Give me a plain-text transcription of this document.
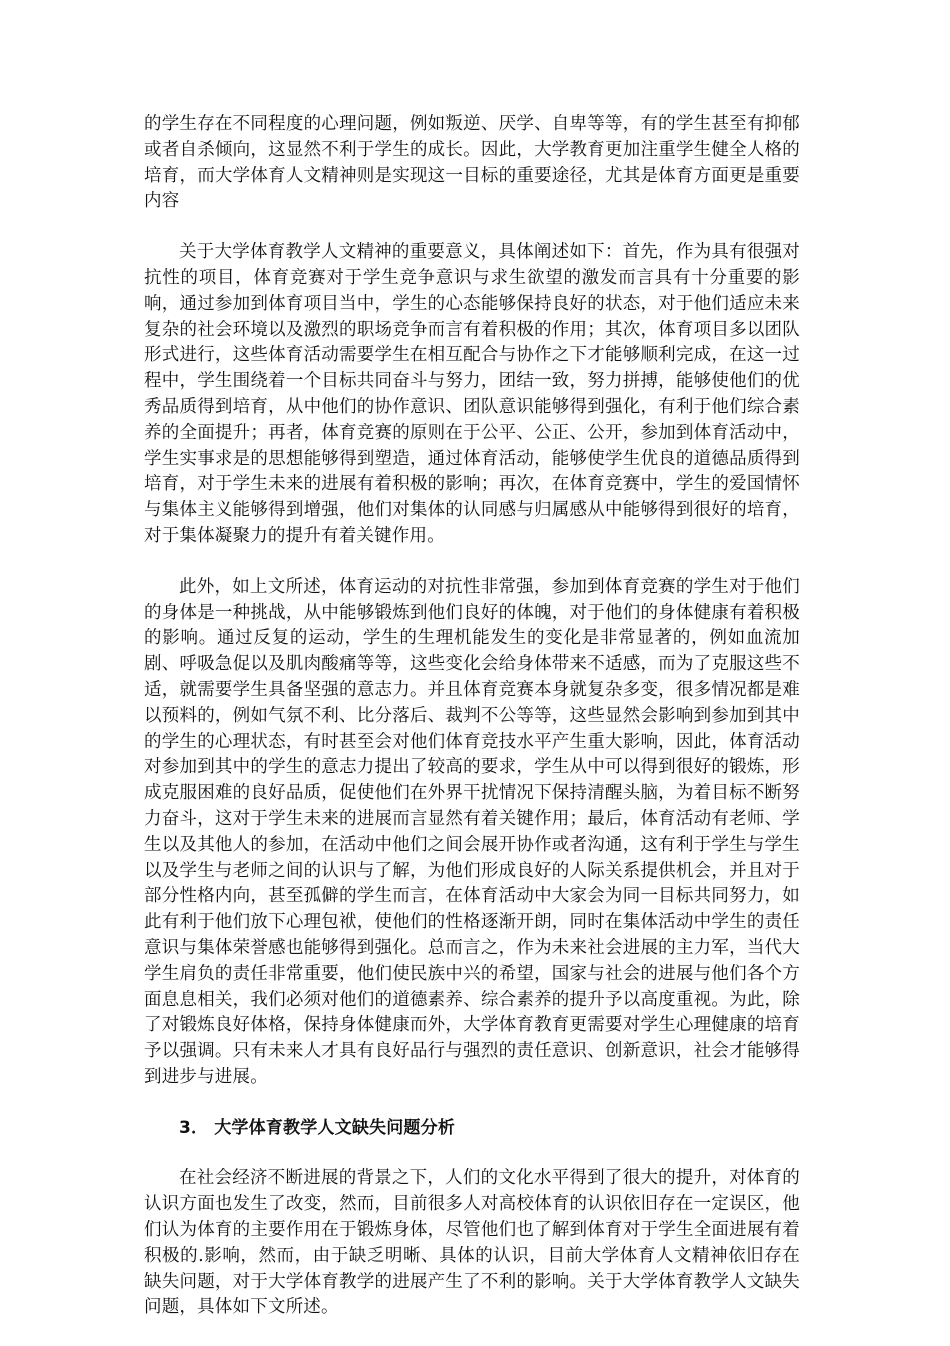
的学生存在不同程度的心理问题，例如叛逆、厌学、自卑等等，有的学生甚至有抑郁或者自杀倾向，这显然不利于学生的成长。因此，大学教育更加注重学生健全人格的培育，而大学体育人文精神则是实现这一目标的重要途径，尤其是体育方面更是重要内容

关于大学体育教学人文精神的重要意义，具体阐述如下：首先，作为具有很强对抗性的项目，体育竞赛对于学生竞争意识与求生欲望的激发而言具有十分重要的影响，通过参加到体育项目当中，学生的心态能够保持良好的状态，对于他们适应未来复杂的社会环境以及激烈的职场竞争而言有着积极的作用；其次，体育项目多以团队形式进行，这些体育活动需要学生在相互配合与协作之下才能够顺利完成，在这一过程中，学生围绕着一个目标共同奋斗与努力，团结一致，努力拼搏，能够使他们的优秀品质得到培育，从中他们的协作意识、团队意识能够得到强化，有利于他们综合素养的全面提升；再者，体育竞赛的原则在于公平、公正、公开，参加到体育活动中，学生实事求是的思想能够得到塑造，通过体育活动，能够使学生优良的道德品质得到培育，对于学生未来的进展有着积极的影响；再次，在体育竞赛中，学生的爱国情怀与集体主义能够得到增强，他们对集体的认同感与归属感从中能够得到很好的培育，对于集体凝聚力的提升有着关键作用。

此外，如上文所述，体育运动的对抗性非常强，参加到体育竞赛的学生对于他们的身体是一种挑战，从中能够锻炼到他们良好的体魄，对于他们的身体健康有着积极的影响。通过反复的运动，学生的生理机能发生的变化是非常显著的，例如血流加剧、呼吸急促以及肌肉酸痛等等，这些变化会给身体带来不适感，而为了克服这些不适，就需要学生具备坚强的意志力。并且体育竞赛本身就复杂多变，很多情况都是难以预料的，例如气氛不利、比分落后、裁判不公等等，这些显然会影响到参加到其中的学生的心理状态，有时甚至会对他们体育竞技水平产生重大影响，因此，体育活动对参加到其中的学生的意志力提出了较高的要求，学生从中可以得到很好的锻炼，形成克服困难的良好品质，促使他们在外界干扰情况下保持清醒头脑，为着目标不断努力奋斗，这对于学生未来的进展而言显然有着关键作用；最后，体育活动有老师、学生以及其他人的参加，在活动中他们之间会展开协作或者沟通，这有利于学生与学生以及学生与老师之间的认识与了解，为他们形成良好的人际关系提供机会，并且对于部分性格内向，甚至孤僻的学生而言，在体育活动中大家会为同一目标共同努力，如此有利于他们放下心理包袱，使他们的性格逐渐开朗，同时在集体活动中学生的责任意识与集体荣誉感也能够得到强化。总而言之，作为未来社会进展的主力军，当代大学生肩负的责任非常重要，他们使民族中兴的希望，国家与社会的进展与他们各个方面息息相关，我们必须对他们的道德素养、综合素养的提升予以高度重视。为此，除了对锻炼良好体格，保持身体健康而外，大学体育教育更需要对学生心理健康的培育予以强调。只有未来人才具有良好品行与强烈的责任意识、创新意识，社会才能够得到进步与进展。

3． 大学体育教学人文缺失问题分析

在社会经济不断进展的背景之下，人们的文化水平得到了很大的提升，对体育的认识方面也发生了改变，然而，目前很多人对高校体育的认识依旧存在一定误区，他们认为体育的主要作用在于锻炼身体，尽管他们也了解到体育对于学生全面进展有着积极的.影响，然而，由于缺乏明晰、具体的认识，目前大学体育人文精神依旧存在缺失问题，对于大学体育教学的进展产生了不利的影响。关于大学体育教学人文缺失问题，具体如下文所述。
